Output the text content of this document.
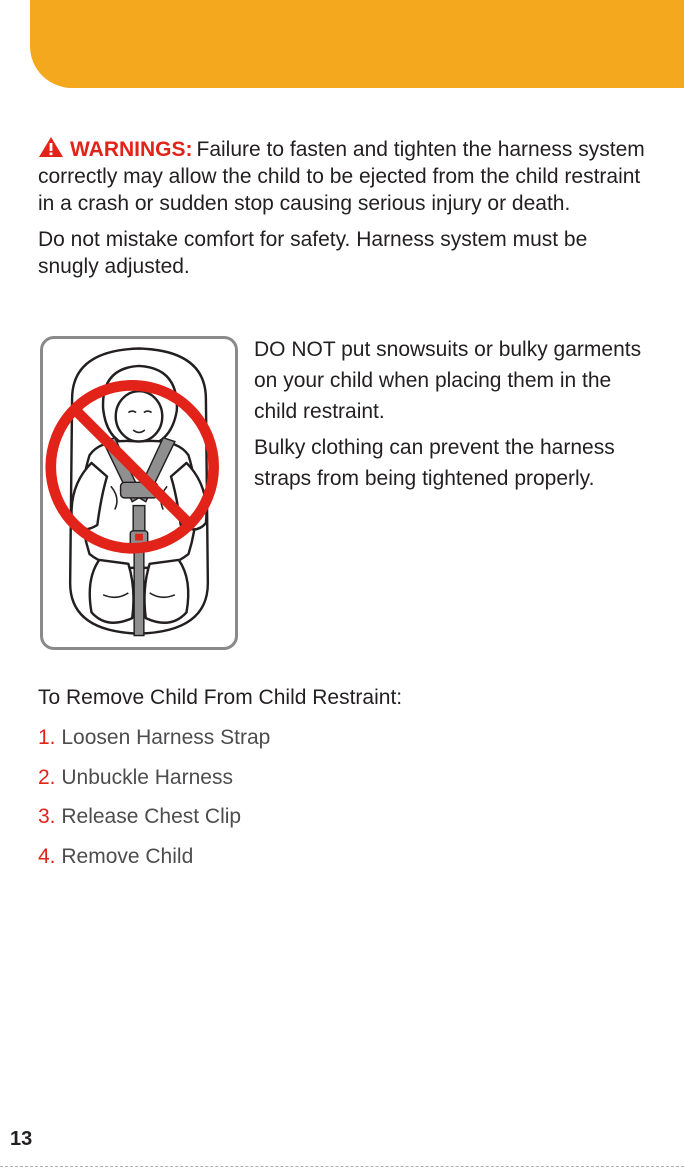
WARNINGS: Failure to fasten and tighten the harness system correctly may allow the child to be ejected from the child restraint in a crash or sudden stop causing serious injury or death.

Do not mistake comfort for safety. Harness system must be snugly adjusted.

DO NOT put snowsuits or bulky garments on your child when placing them in the child restraint.

Bulky clothing can prevent the harness straps from being tightened properly.

To Remove Child From Child Restraint:
1. Loosen Harness Strap
2. Unbuckle Harness
3. Release Chest Clip
4. Remove Child
13
